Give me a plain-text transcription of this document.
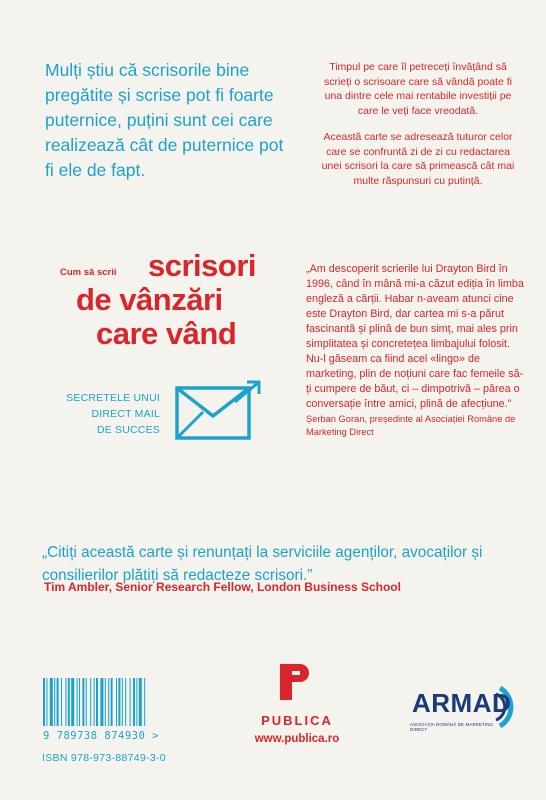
Mulți știu că scrisorile bine pregătite și scrise pot fi foarte puternice, puțini sunt cei care realizează cât de puternice pot fi ele de fapt.

Timpul pe care îl petreceți învățând să scrieți o scrisoare care să vândă poate fi una dintre cele mai rentabile investiții pe care le veți face vreodată.

Această carte se adresează tuturor celor care se confruntă zi de zi cu redactarea unei scrisori la care să primească cât mai multe răspunsuri cu putință.

Cum să scrii scrisori
de vânzări
care vând
SECRETELE UNUI
DIRECT MAIL
DE SUCCES
„Am descoperit scrierile lui Drayton Bird în 1996, când în mână mi-a căzut ediția în limba engleză a cărții. Habar n-aveam atunci cine este Drayton Bird, dar cartea mi s-a părut fascinantă și plină de bun simț, mai ales prin simplitatea și concretețea limbajului folosit. Nu-l găseam ca fiind acel «lingo» de marketing, plin de noțiuni care fac femeile să-ți cumpere de băut, ci – dimpotrivă – părea o conversație între amici, plină de afecțiune.”
Șerban Goran, președinte al Asociației Române de Marketing Direct
„Citiți această carte și renunțați la serviciile agenților, avocaților și consilierilor plătiți să redacteze scrisori.”
Tim Ambler, Senior Research Fellow, London Business School
9 789738 874930 >
ISBN 978-973-88749-3-0
PUBLICA
www.publica.ro
ARMAD
ASOCIAȚIA ROMÂNĂ DE MARKETING DIRECT
